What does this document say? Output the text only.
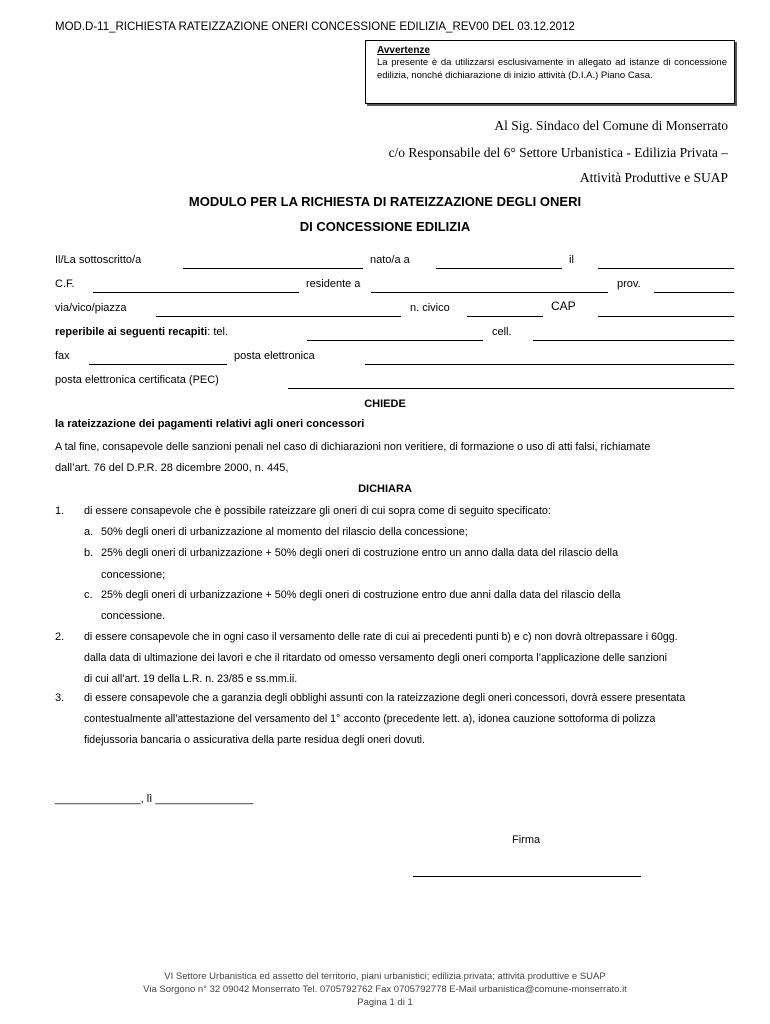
MOD.D-11_RICHIESTA RATEIZZAZIONE ONERI CONCESSIONE EDILIZIA_REV00 DEL 03.12.2012
Avvertenze
La presente è da utilizzarsi esclusivamente in allegato ad istanze di concessione edilizia, nonché dichiarazione di inizio attività (D.I.A.) Piano Casa.
Al Sig. Sindaco del Comune di Monserrato
c/o Responsabile del 6° Settore Urbanistica - Edilizia Privata –
Attività Produttive e SUAP
MODULO PER LA RICHIESTA DI RATEIZZAZIONE DEGLI ONERI
DI CONCESSIONE EDILIZIA
Il/La sottoscritto/a	nato/a a	il
C.F.	residente a	prov.
via/vico/piazza	n. civico	CAP
reperibile ai seguenti recapiti: tel.	cell.
fax	posta elettronica
posta elettronica certificata (PEC)
CHIEDE
la rateizzazione dei pagamenti relativi agli oneri concessori
A tal fine, consapevole delle sanzioni penali nel caso di dichiarazioni non veritiere, di formazione o uso di atti falsi, richiamate
dall’art. 76 del D.P.R. 28 dicembre 2000, n. 445,
DICHIARA
1. di essere consapevole che è possibile rateizzare gli oneri di cui sopra come di seguito specificato:
a. 50% degli oneri di urbanizzazione al momento del rilascio della concessione;
b. 25% degli oneri di urbanizzazione + 50% degli oneri di costruzione entro un anno dalla data del rilascio della
concessione;
c. 25% degli oneri di urbanizzazione + 50% degli oneri di costruzione entro due anni dalla data del rilascio della
concessione.
2. di essere consapevole che in ogni caso il versamento delle rate di cui ai precedenti punti b) e c) non dovrà oltrepassare i 60gg.
dalla data di ultimazione dei lavori e che il ritardato od omesso versamento degli oneri comporta l’applicazione delle sanzioni
di cui all’art. 19 della L.R. n. 23/85 e ss.mm.ii.
3. di essere consapevole che a garanzia degli obblighi assunti con la rateizzazione degli oneri concessori, dovrà essere presentata
contestualmente all’attestazione del versamento del 1° acconto (precedente lett. a), idonea cauzione sottoforma di polizza
fidejussoria bancaria o assicurativa della parte residua degli oneri dovuti.
______________, lì ________________
Firma
VI Settore Urbanistica ed assetto del territorio, piani urbanistici; edilizia privata; attività produttive e SUAP
Via Sorgono n° 32 09042 Monserrato Tel. 0705792762 Fax 0705792778 E-Mail urbanistica@comune-monserrato.it
Pagina 1 di 1
